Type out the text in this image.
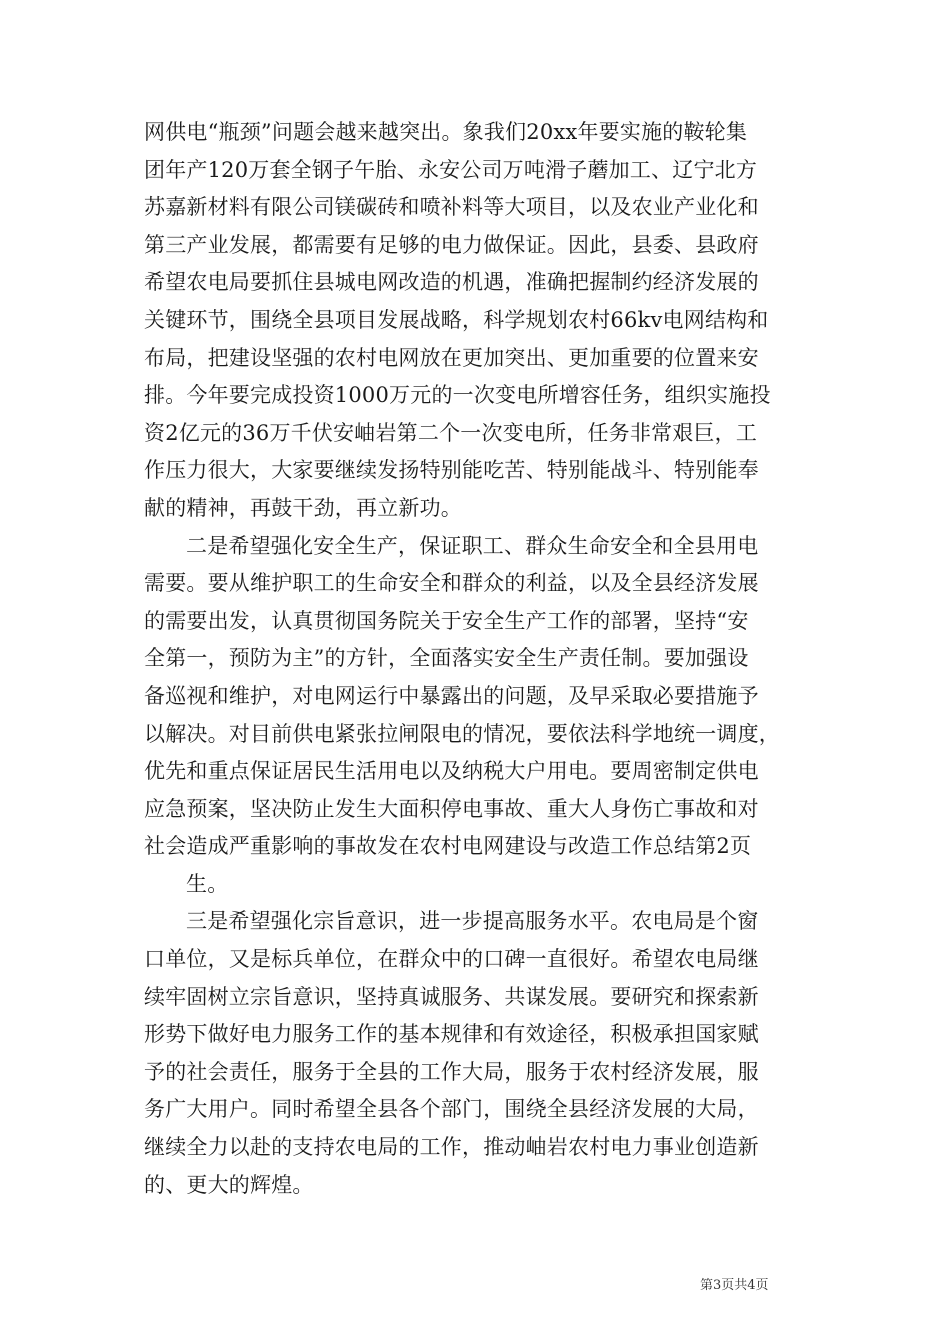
网供电“瓶颈”问题会越来越突出。象我们20xx年要实施的鞍轮集
团年产120万套全钢子午胎、永安公司万吨滑子蘑加工、辽宁北方
苏嘉新材料有限公司镁碳砖和喷补料等大项目，以及农业产业化和
第三产业发展，都需要有足够的电力做保证。因此，县委、县政府
希望农电局要抓住县城电网改造的机遇，准确把握制约经济发展的
关键环节，围绕全县项目发展战略，科学规划农村66kv电网结构和
布局，把建设坚强的农村电网放在更加突出、更加重要的位置来安
排。今年要完成投资1000万元的一次变电所增容任务，组织实施投
资2亿元的36万千伏安岫岩第二个一次变电所，任务非常艰巨，工
作压力很大，大家要继续发扬特别能吃苦、特别能战斗、特别能奉
献的精神，再鼓干劲，再立新功。
二是希望强化安全生产，保证职工、群众生命安全和全县用电
需要。要从维护职工的生命安全和群众的利益，以及全县经济发展
的需要出发，认真贯彻国务院关于安全生产工作的部署，坚持“安
全第一，预防为主”的方针，全面落实安全生产责任制。要加强设
备巡视和维护，对电网运行中暴露出的问题，及早采取必要措施予
以解决。对目前供电紧张拉闸限电的情况，要依法科学地统一调度，
优先和重点保证居民生活用电以及纳税大户用电。要周密制定供电
应急预案，坚决防止发生大面积停电事故、重大人身伤亡事故和对
社会造成严重影响的事故发在农村电网建设与改造工作总结第2页
生。
三是希望强化宗旨意识，进一步提高服务水平。农电局是个窗
口单位，又是标兵单位，在群众中的口碑一直很好。希望农电局继
续牢固树立宗旨意识，坚持真诚服务、共谋发展。要研究和探索新
形势下做好电力服务工作的基本规律和有效途径，积极承担国家赋
予的社会责任，服务于全县的工作大局，服务于农村经济发展，服
务广大用户。同时希望全县各个部门，围绕全县经济发展的大局，
继续全力以赴的支持农电局的工作，推动岫岩农村电力事业创造新
的、更大的辉煌。
第3页共4页
